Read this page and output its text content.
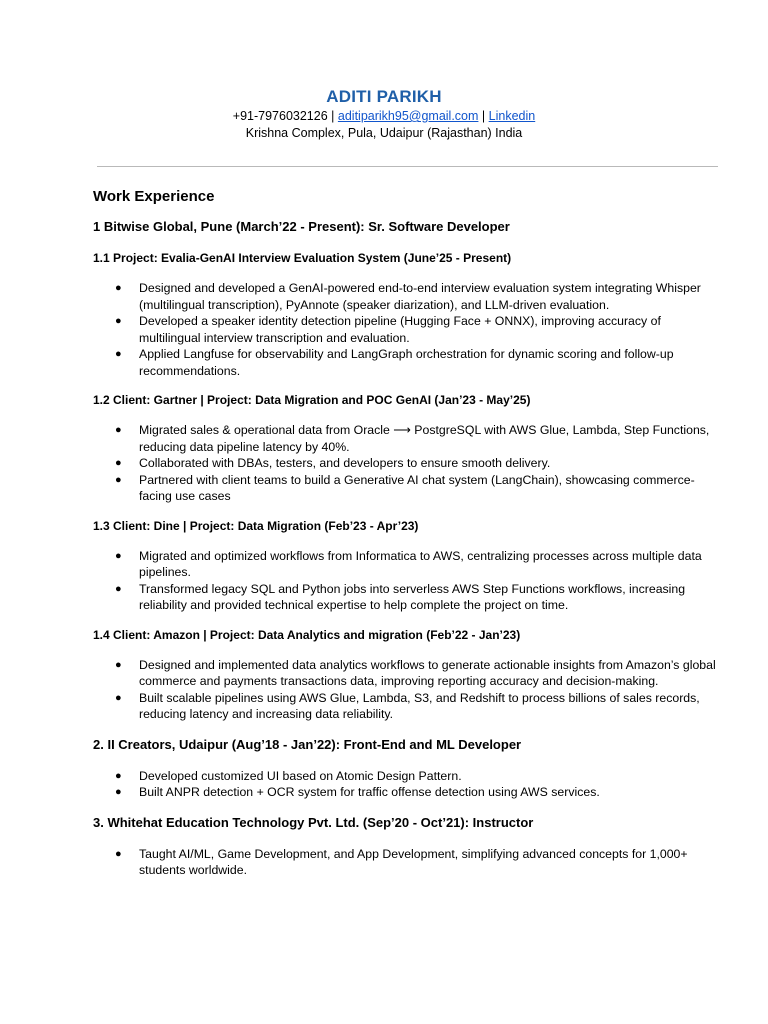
ADITI PARIKH
+91-7976032126 | aditiparikh95@gmail.com | Linkedin
Krishna Complex, Pula, Udaipur (Rajasthan) India
Work Experience
1 Bitwise Global, Pune (March’22 - Present): Sr. Software Developer
1.1 Project: Evalia-GenAI Interview Evaluation System (June’25 - Present)
● Designed and developed a GenAI-powered end-to-end interview evaluation system integrating Whisper (multilingual transcription), PyAnnote (speaker diarization), and LLM-driven evaluation.
● Developed a speaker identity detection pipeline (Hugging Face + ONNX), improving accuracy of multilingual interview transcription and evaluation.
● Applied Langfuse for observability and LangGraph orchestration for dynamic scoring and follow-up recommendations.
1.2 Client: Gartner | Project: Data Migration and POC GenAI (Jan’23 - May’25)
● Migrated sales & operational data from Oracle ⟶ PostgreSQL with AWS Glue, Lambda, Step Functions, reducing data pipeline latency by 40%.
● Collaborated with DBAs, testers, and developers to ensure smooth delivery.
● Partnered with client teams to build a Generative AI chat system (LangChain), showcasing commerce-facing use cases
1.3 Client: Dine | Project: Data Migration (Feb’23 - Apr’23)
● Migrated and optimized workflows from Informatica to AWS, centralizing processes across multiple data pipelines.
● Transformed legacy SQL and Python jobs into serverless AWS Step Functions workflows, increasing reliability and provided technical expertise to help complete the project on time.
1.4 Client: Amazon | Project: Data Analytics and migration (Feb’22 - Jan’23)
● Designed and implemented data analytics workflows to generate actionable insights from Amazon’s global commerce and payments transactions data, improving reporting accuracy and decision-making.
● Built scalable pipelines using AWS Glue, Lambda, S3, and Redshift to process billions of sales records, reducing latency and increasing data reliability.
2. II Creators, Udaipur (Aug’18 - Jan’22): Front-End and ML Developer
● Developed customized UI based on Atomic Design Pattern.
● Built ANPR detection + OCR system for traffic offense detection using AWS services.
3. Whitehat Education Technology Pvt. Ltd. (Sep’20 - Oct’21): Instructor
● Taught AI/ML, Game Development, and App Development, simplifying advanced concepts for 1,000+ students worldwide.
